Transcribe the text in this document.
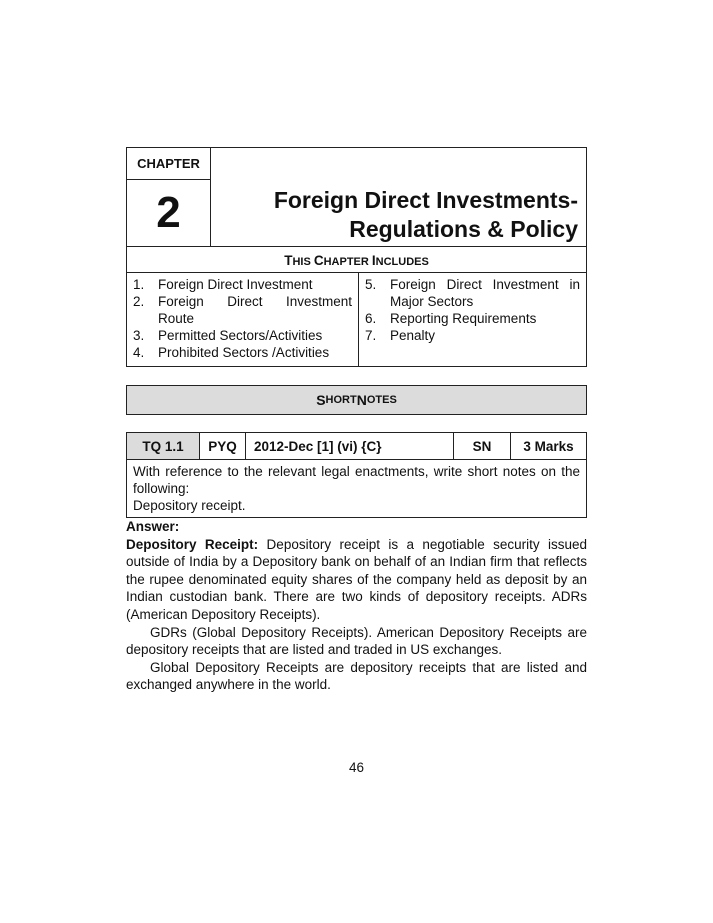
CHAPTER
2	Foreign Direct Investments-
Regulations & Policy
THIS CHAPTER INCLUDES
1.	Foreign Direct Investment
2.	Foreign Direct Investment
Route
3.	Permitted Sectors/Activities
4.	Prohibited Sectors /Activities
5.	Foreign Direct Investment in
Major Sectors
6.	Reporting Requirements
7.	Penalty
S HORT N OTES
TQ 1.1	PYQ	2012-Dec [1] (vi) {C}	SN	3 Marks
With reference to the relevant legal enactments, write short notes on the
following:
Depository receipt.
Answer:

Depository Receipt: Depository receipt is a negotiable security issued outside of India by a Depository bank on behalf of an Indian firm that reflects the rupee denominated equity shares of the company held as deposit by an Indian custodian bank. There are two kinds of depository receipts. ADRs (American Depository Receipts).

GDRs (Global Depository Receipts). American Depository Receipts are depository receipts that are listed and traded in US exchanges.

Global Depository Receipts are depository receipts that are listed and exchanged anywhere in the world.

46
